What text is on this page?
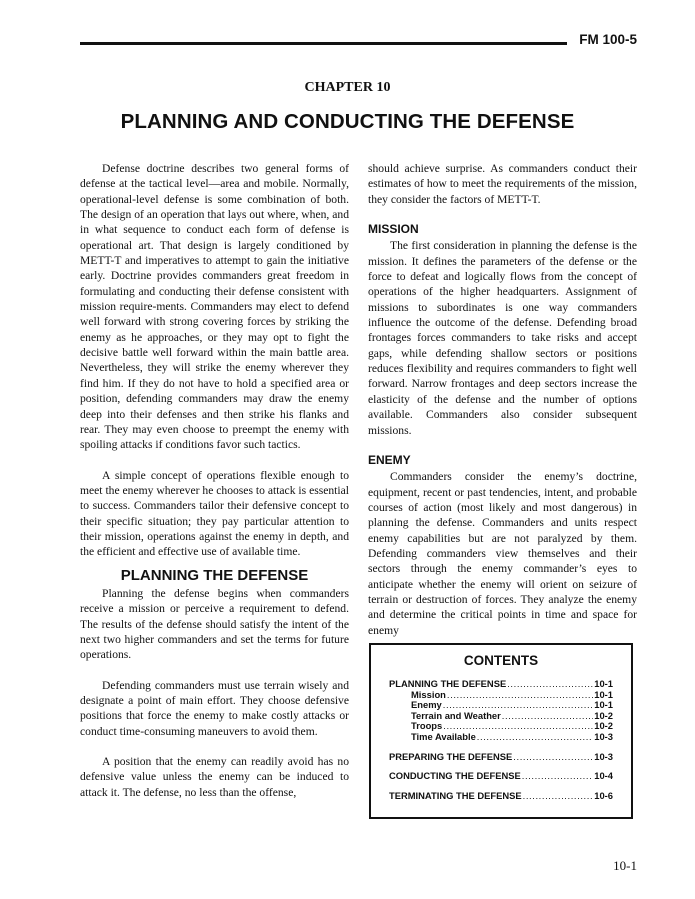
FM 100-5
CHAPTER 10
PLANNING AND CONDUCTING THE DEFENSE

Defense doctrine describes two general forms of defense at the tactical level—area and mobile. Normally, operational-level defense is some combination of both. The design of an operation that lays out where, when, and in what sequence to conduct each form of defense is operational art. That design is largely conditioned by METT-T and imperatives to attempt to gain the initiative early. Doctrine provides commanders great freedom in formulating and conducting their defense consistent with mission require-ments. Commanders may elect to defend well forward with strong covering forces by striking the enemy as he approaches, or they may opt to fight the decisive battle well forward within the main battle area. Nevertheless, they will strike the enemy wherever they find him. If they do not have to hold a specified area or position, defending commanders may draw the enemy deep into their defenses and then strike his flanks and rear. They may even choose to preempt the enemy with spoiling attacks if conditions favor such tactics.

A simple concept of operations flexible enough to meet the enemy wherever he chooses to attack is essential to success. Commanders tailor their defensive concept to their specific situation; they pay particular attention to their mission, operations against the enemy in depth, and the efficient and effective use of available time.

PLANNING THE DEFENSE

Planning the defense begins when commanders receive a mission or perceive a requirement to defend. The results of the defense should satisfy the intent of the next two higher commanders and set the terms for future operations.

Defending commanders must use terrain wisely and designate a point of main effort. They choose defensive positions that force the enemy to make costly attacks or conduct time-consuming maneuvers to avoid them.

A position that the enemy can readily avoid has no defensive value unless the enemy can be induced to attack it. The defense, no less than the offense,

should achieve surprise. As commanders conduct their estimates of how to meet the requirements of the mission, they consider the factors of METT-T.

MISSION

The first consideration in planning the defense is the mission. It defines the parameters of the defense or the force to defeat and logically flows from the concept of operations of the higher headquarters. Assignment of missions to subordinates is one way commanders influence the outcome of the defense. Defending broad frontages forces commanders to take risks and accept gaps, while defending shallow sectors or positions reduces flexibility and requires commanders to fight well forward. Narrow frontages and deep sectors increase the elasticity of the defense and the number of options available. Commanders also consider subsequent missions.

ENEMY

Commanders consider the enemy’s doctrine, equipment, recent or past tendencies, intent, and probable courses of action (most likely and most dangerous) in planning the defense. Commanders and units respect enemy capabilities but are not paralyzed by them. Defending commanders view themselves and their sectors through the enemy commander’s eyes to anticipate whether the enemy will orient on seizure of terrain or destruction of forces. They analyze the enemy and determine the critical points in time and space for enemy

CONTENTS
PLANNING THE DEFENSE .....	10-1
Mission .....	10-1
Enemy .....	10-1
Terrain and Weather .....	10-2
Troops .....	10-2
Time Available .....	10-3
PREPARING THE DEFENSE .....	10-3
CONDUCTING THE DEFENSE .....	10-4
TERMINATING THE DEFENSE .....	10-6
10-1
